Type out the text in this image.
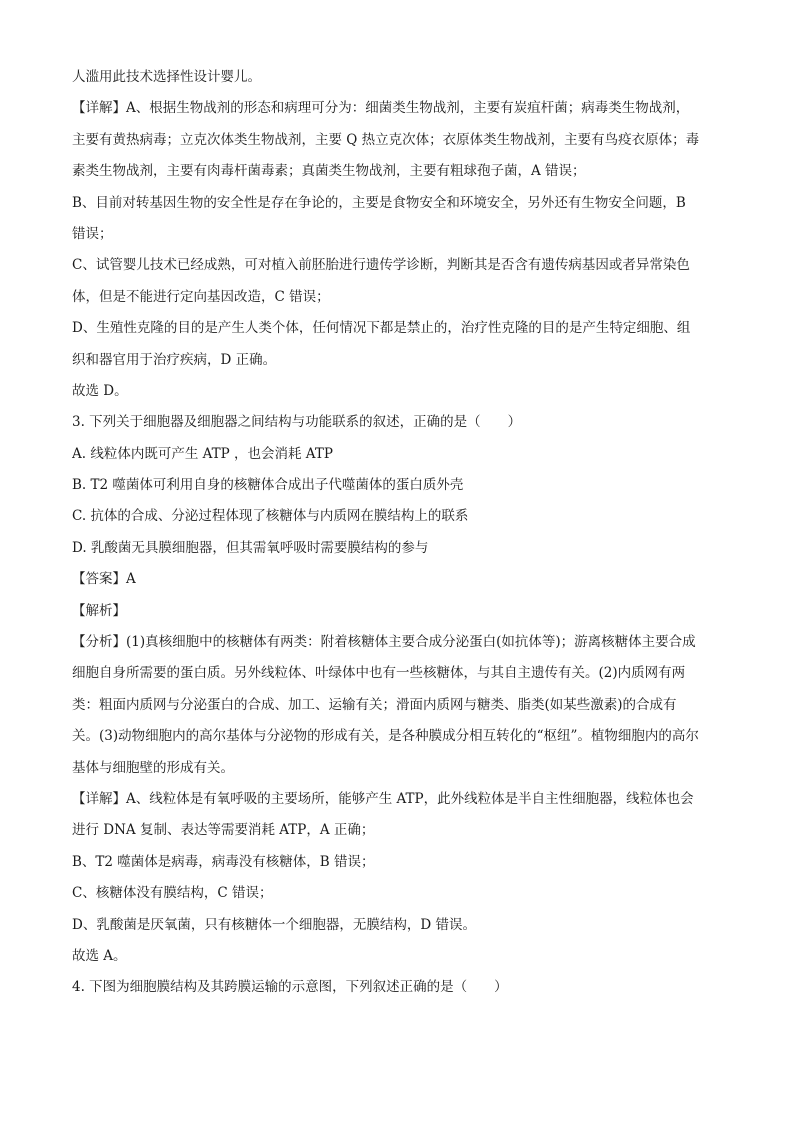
人滥用此技术选择性设计婴儿。
【详解】A、根据生物战剂的形态和病理可分为：细菌类生物战剂，主要有炭疽杆菌；病毒类生物战剂，
主要有黄热病毒；立克次体类生物战剂，主要 Q 热立克次体；衣原体类生物战剂，主要有鸟疫衣原体；毒
素类生物战剂，主要有肉毒杆菌毒素；真菌类生物战剂，主要有粗球孢子菌，A 错误；
B、目前对转基因生物的安全性是存在争论的，主要是食物安全和环境安全，另外还有生物安全问题，B
错误；
C、试管婴儿技术已经成熟，可对植入前胚胎进行遗传学诊断，判断其是否含有遗传病基因或者异常染色
体，但是不能进行定向基因改造，C 错误；
D、生殖性克隆的目的是产生人类个体，任何情况下都是禁止的，治疗性克隆的目的是产生特定细胞、组
织和器官用于治疗疾病，D 正确。
故选 D。
3. 下列关于细胞器及细胞器之间结构与功能联系的叙述，正确的是（　　）
A. 线粒体内既可产生 ATP ，也会消耗 ATP
B. T2 噬菌体可利用自身的核糖体合成出子代噬菌体的蛋白质外壳
C. 抗体的合成、分泌过程体现了核糖体与内质网在膜结构上的联系
D. 乳酸菌无具膜细胞器，但其需氧呼吸时需要膜结构的参与
【答案】A
【解析】
【分析】(1)真核细胞中的核糖体有两类：附着核糖体主要合成分泌蛋白(如抗体等)；游离核糖体主要合成
细胞自身所需要的蛋白质。另外线粒体、叶绿体中也有一些核糖体，与其自主遗传有关。(2)内质网有两
类：粗面内质网与分泌蛋白的合成、加工、运输有关；滑面内质网与糖类、脂类(如某些激素)的合成有
关。(3)动物细胞内的高尔基体与分泌物的形成有关，是各种膜成分相互转化的“枢纽”。植物细胞内的高尔
基体与细胞壁的形成有关。
【详解】A、线粒体是有氧呼吸的主要场所，能够产生 ATP，此外线粒体是半自主性细胞器，线粒体也会
进行 DNA 复制、表达等需要消耗 ATP，A 正确；
B、T2 噬菌体是病毒，病毒没有核糖体，B 错误；
C、核糖体没有膜结构，C 错误；
D、乳酸菌是厌氧菌，只有核糖体一个细胞器，无膜结构，D 错误。
故选 A。
4. 下图为细胞膜结构及其跨膜运输的示意图，下列叙述正确的是（　　）
